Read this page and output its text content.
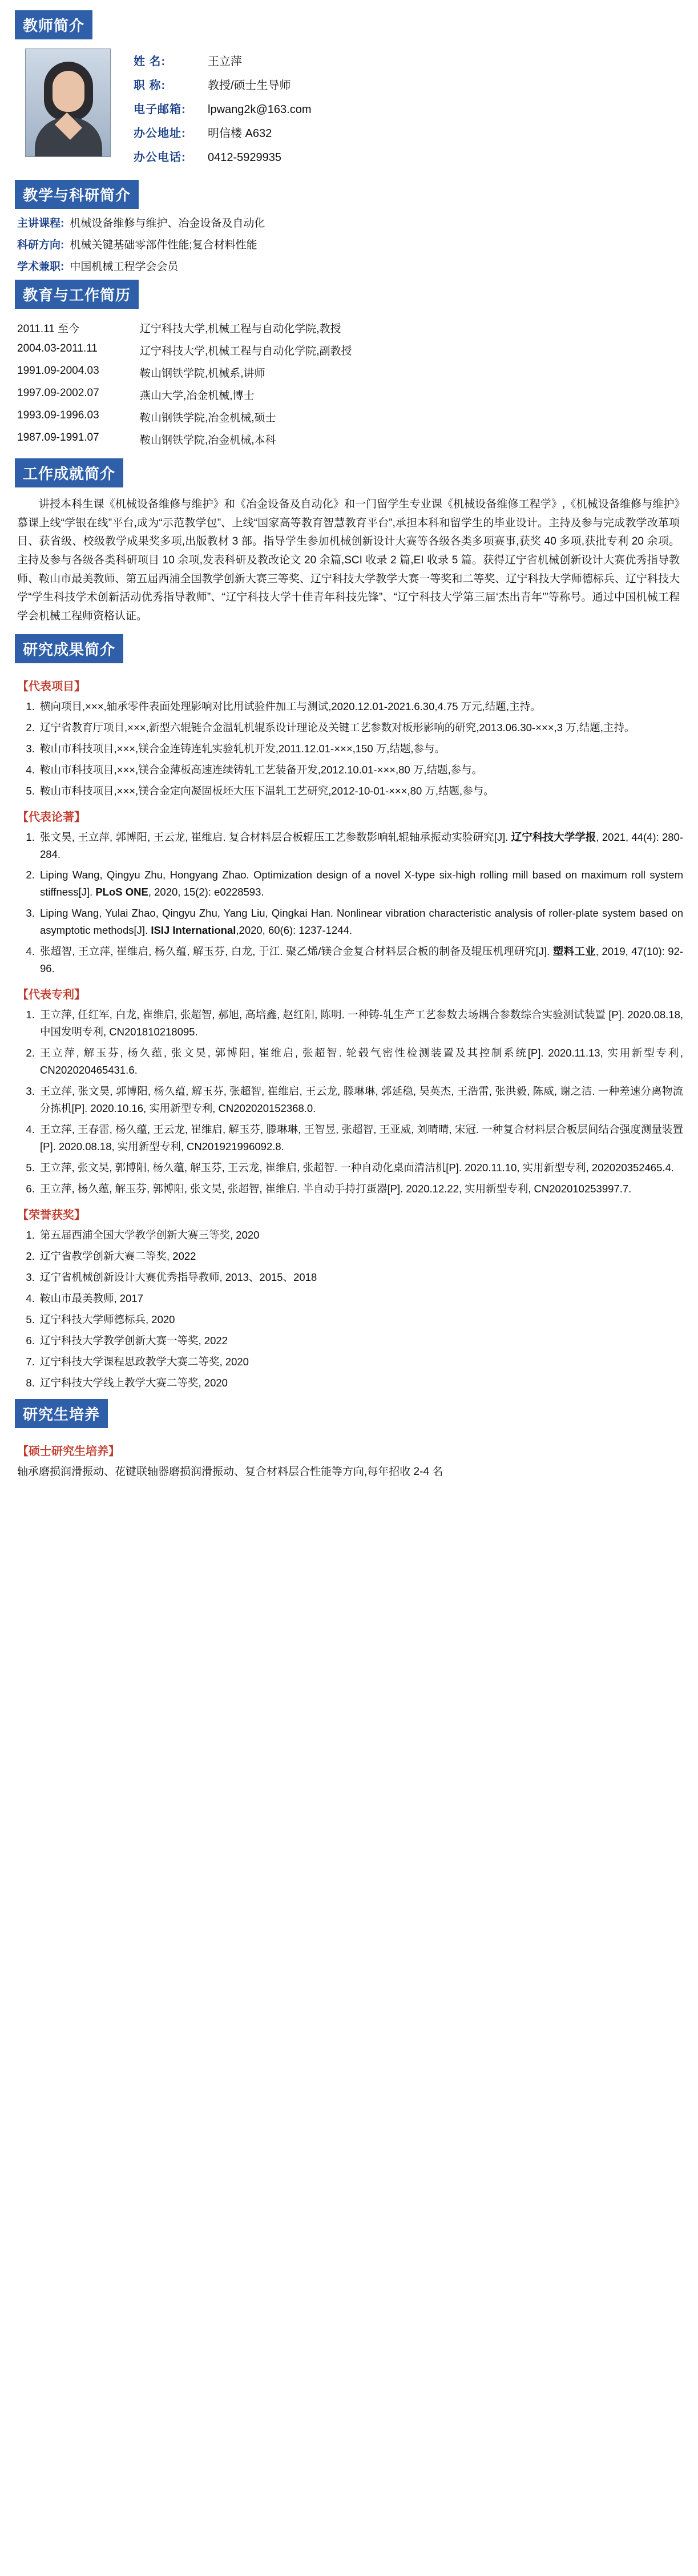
教师简介
姓 名:	王立萍
职 称:	教授/硕士生导师
电子邮箱:	lpwang2k@163.com
办公地址:	明信楼 A632
办公电话:	0412-5929935
教学与科研简介
主讲课程: 机械设备维修与维护、冶金设备及自动化
科研方向: 机械关键基础零部件性能;复合材料性能
学术兼职: 中国机械工程学会会员
教育与工作简历
2011.11 至今	辽宁科技大学,机械工程与自动化学院,教授
2004.03-2011.11	辽宁科技大学,机械工程与自动化学院,副教授
1991.09-2004.03	鞍山钢铁学院,机械系,讲师
1997.09-2002.07	燕山大学,冶金机械,博士
1993.09-1996.03	鞍山钢铁学院,冶金机械,硕士
1987.09-1991.07	鞍山钢铁学院,冶金机械,本科
工作成就简介
讲授本科生课《机械设备维修与维护》和《冶金设备及自动化》和一门留学生专业课《机械设备维修工程学》,《机械设备维修与维护》慕课上线“学银在线”平台,成为“示范教学包”、上线“国家高等教育智慧教育平台”,承担本科和留学生的毕业设计。主持及参与完成教学改革项目、获省级、校级教学成果奖多项,出版教材 3 部。指导学生参加机械创新设计大赛等各级各类多项赛事,获奖 40 多项,获批专利 20 余项。主持及参与各级各类科研项目 10 余项,发表科研及教改论文 20 余篇,SCI 收录 2 篇,EI 收录 5 篇。获得辽宁省机械创新设计大赛优秀指导教师、鞍山市最美教师、第五届西浦全国教学创新大赛三等奖、辽宁科技大学教学大赛一等奖和二等奖、辽宁科技大学师德标兵、辽宁科技大学“学生科技学术创新活动优秀指导教师”、“辽宁科技大学十佳青年科技先锋”、“辽宁科技大学第三届‘杰出青年’”等称号。通过中国机械工程学会机械工程师资格认证。
研究成果简介
【代表项目】
1. 横向项目,×××,轴承零件表面处理影响对比用试验件加工与测试,2020.12.01-2021.6.30,4.75 万元,结题,主持。
2. 辽宁省教育厅项目,×××,新型六辊链合金温轧机辊系设计理论及关键工艺参数对板形影响的研究,2013.06.30-×××,3 万,结题,主持。
3. 鞍山市科技项目,×××,镁合金连铸连轧实验轧机开发,2011.12.01-×××,150 万,结题,参与。
4. 鞍山市科技项目,×××,镁合金薄板高速连续铸轧工艺装备开发,2012.10.01-×××,80 万,结题,参与。
5. 鞍山市科技项目,×××,镁合金定向凝固板坯大压下温轧工艺研究,2012-10-01-×××,80 万,结题,参与。
【代表论著】
1. 张文昊, 王立萍, 郭博阳, 王云龙, 崔维启. 复合材料层合板辊压工艺参数影响轧辊轴承振动实验研究[J]. 辽宁科技大学学报, 2021, 44(4): 280-284.
2. Liping Wang, Qingyu Zhu, Hongyang Zhao. Optimization design of a novel X-type six-high rolling mill based on maximum roll system stiffness[J]. PLoS ONE, 2020, 15(2): e0228593.
3. Liping Wang, Yulai Zhao, Qingyu Zhu, Yang Liu, Qingkai Han. Nonlinear vibration characteristic analysis of roller-plate system based on asymptotic methods[J]. ISIJ International,2020, 60(6): 1237-1244.
4. 张超智, 王立萍, 崔维启, 杨久蕴, 解玉芬, 白龙, 于江. 聚乙烯/镁合金复合材料层合板的制备及辊压机理研究[J]. 塑料工业, 2019, 47(10): 92-96.
【代表专利】
1. 王立萍, 任红军, 白龙, 崔维启, 张超智, 郝旭, 高培鑫, 赵红阳, 陈明. 一种铸-轧生产工艺参数去场耦合参数综合实验测试装置 [P]. 2020.08.18, 中国发明专利, CN201810218095.
2. 王立萍, 解玉芬, 杨久蕴, 张文昊, 郭博阳, 崔维启, 张超智. 轮毂气密性检测装置及其控制系统[P]. 2020.11.13, 实用新型专利, CN202020465431.6.
3. 王立萍, 张文昊, 郭博阳, 杨久蕴, 解玉芬, 张超智, 崔维启, 王云龙, 滕琳琳, 郭延稳, 吴英杰, 王浩雷, 张洪毅, 陈威, 谢之洁. 一种差速分离物流分拣机[P]. 2020.10.16, 实用新型专利, CN202020152368.0.
4. 王立萍, 王春雷, 杨久蕴, 王云龙, 崔维启, 解玉芬, 滕琳琳, 王智昱, 张超智, 王亚威, 刘晴晴, 宋冠. 一种复合材料层合板层间结合强度测量装置[P]. 2020.08.18, 实用新型专利, CN201921996092.8.
5. 王立萍, 张文昊, 郭博阳, 杨久蕴, 解玉芬, 王云龙, 崔维启, 张超智. 一种自动化桌面清洁机[P]. 2020.11.10, 实用新型专利, 202020352465.4.
6. 王立萍, 杨久蕴, 解玉芬, 郭博阳, 张文昊, 张超智, 崔维启. 半自动手持打蛋器[P]. 2020.12.22, 实用新型专利, CN202010253997.7.
【荣誉获奖】
1. 第五届西浦全国大学教学创新大赛三等奖, 2020
2. 辽宁省教学创新大赛二等奖, 2022
3. 辽宁省机械创新设计大赛优秀指导教师, 2013、2015、2018
4. 鞍山市最美教师, 2017
5. 辽宁科技大学师德标兵, 2020
6. 辽宁科技大学教学创新大赛一等奖, 2022
7. 辽宁科技大学课程思政教学大赛二等奖, 2020
8. 辽宁科技大学线上教学大赛二等奖, 2020
研究生培养
【硕士研究生培养】
轴承磨损润滑振动、花键联轴器磨损润滑振动、复合材料层合性能等方向,每年招收 2-4 名
